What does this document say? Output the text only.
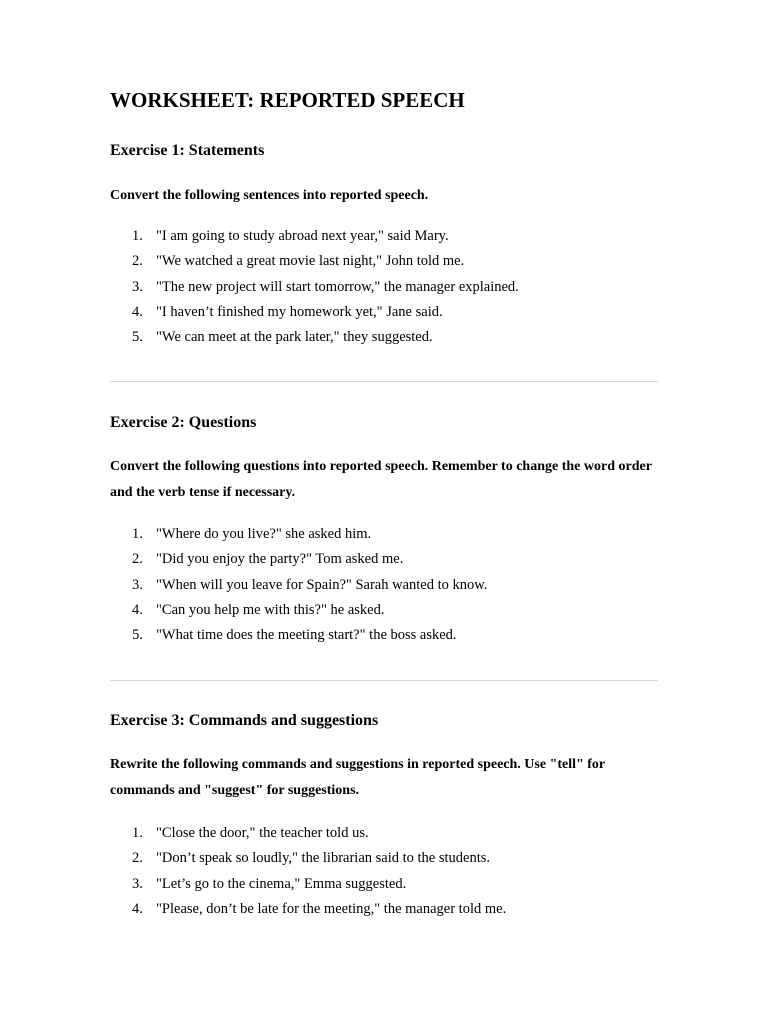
WORKSHEET: REPORTED SPEECH
Exercise 1: Statements

Convert the following sentences into reported speech.

1. "I am going to study abroad next year," said Mary.
2. "We watched a great movie last night," John told me.
3. "The new project will start tomorrow," the manager explained.
4. "I haven’t finished my homework yet," Jane said.
5. "We can meet at the park later," they suggested.
Exercise 2: Questions

Convert the following questions into reported speech. Remember to change the word order and the verb tense if necessary.

1. "Where do you live?" she asked him.
2. "Did you enjoy the party?" Tom asked me.
3. "When will you leave for Spain?" Sarah wanted to know.
4. "Can you help me with this?" he asked.
5. "What time does the meeting start?" the boss asked.
Exercise 3: Commands and suggestions

Rewrite the following commands and suggestions in reported speech. Use "tell" for commands and "suggest" for suggestions.

1. "Close the door," the teacher told us.
2. "Don’t speak so loudly," the librarian said to the students.
3. "Let’s go to the cinema," Emma suggested.
4. "Please, don’t be late for the meeting," the manager told me.
